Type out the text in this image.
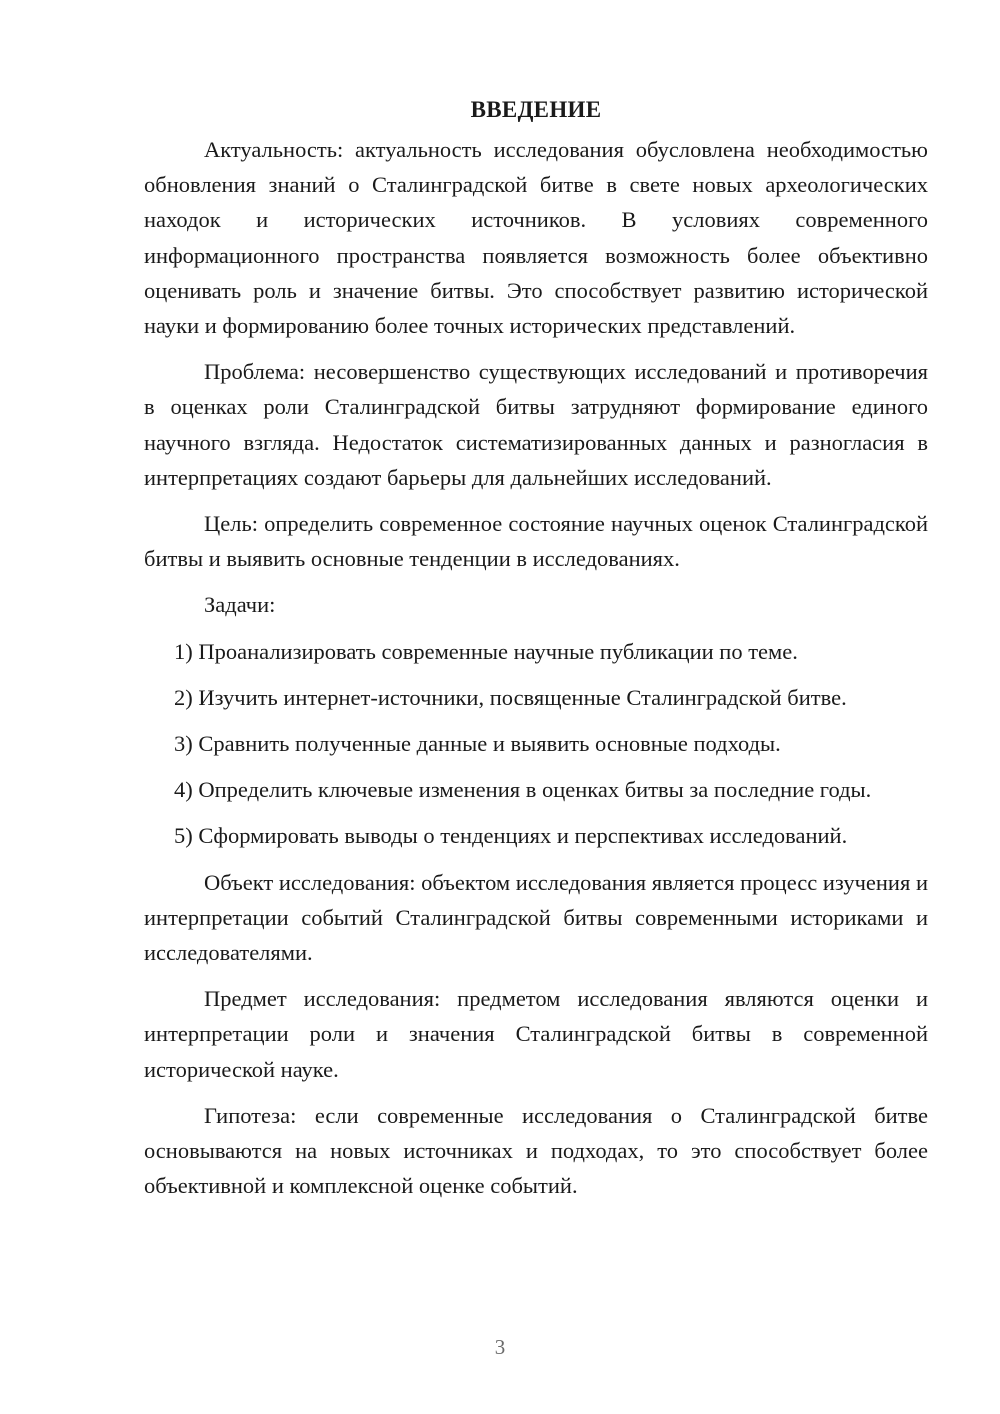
ВВЕДЕНИЕ

Актуальность: актуальность исследования обусловлена необходимостью обновления знаний о Сталинградской битве в свете новых археологических находок и исторических источников. В условиях современного информационного пространства появляется возможность более объективно оценивать роль и значение битвы. Это способствует развитию исторической науки и формированию более точных исторических представлений.

Проблема: несовершенство существующих исследований и противоречия в оценках роли Сталинградской битвы затрудняют формирование единого научного взгляда. Недостаток систематизированных данных и разногласия в интерпретациях создают барьеры для дальнейших исследований.

Цель: определить современное состояние научных оценок Сталинградской битвы и выявить основные тенденции в исследованиях.

Задачи:

1) Проанализировать современные научные публикации по теме.

2) Изучить интернет-источники, посвященные Сталинградской битве.

3) Сравнить полученные данные и выявить основные подходы.

4) Определить ключевые изменения в оценках битвы за последние годы.

5) Сформировать выводы о тенденциях и перспективах исследований.

Объект исследования: объектом исследования является процесс изучения и интерпретации событий Сталинградской битвы современными историками и исследователями.

Предмет исследования: предметом исследования являются оценки и интерпретации роли и значения Сталинградской битвы в современной исторической науке.

Гипотеза: если современные исследования о Сталинградской битве основываются на новых источниках и подходах, то это способствует более объективной и комплексной оценке событий.

3
